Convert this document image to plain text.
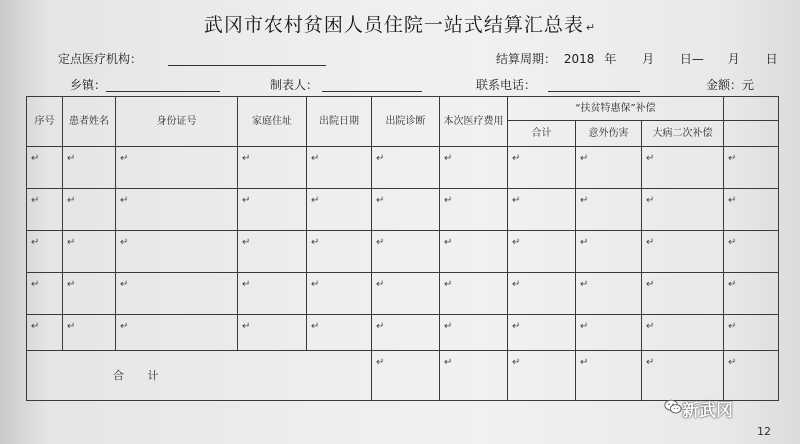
武冈市农村贫困人员住院一站式结算汇总表 ↵
定点医疗机构：	结算周期： 2018 年 月 日— 月 日
乡镇：	制表人：	联系电话：	金额：元
序号	患者姓名	身份证号	家庭住址	出院日期	出院诊断	本次医疗费用	“扶贫特惠保”补偿			
							合计	意外伤害	大病二次补偿	
↵	↵	↵	↵	↵	↵	↵	↵	↵	↵	↵
↵	↵	↵	↵	↵	↵	↵	↵	↵	↵	↵
↵	↵	↵	↵	↵	↵	↵	↵	↵	↵	↵
↵	↵	↵	↵	↵	↵	↵	↵	↵	↵	↵
↵	↵	↵	↵	↵	↵	↵	↵	↵	↵	↵

合 计					↵	↵	↵	↵	↵	↵
新武冈
12
